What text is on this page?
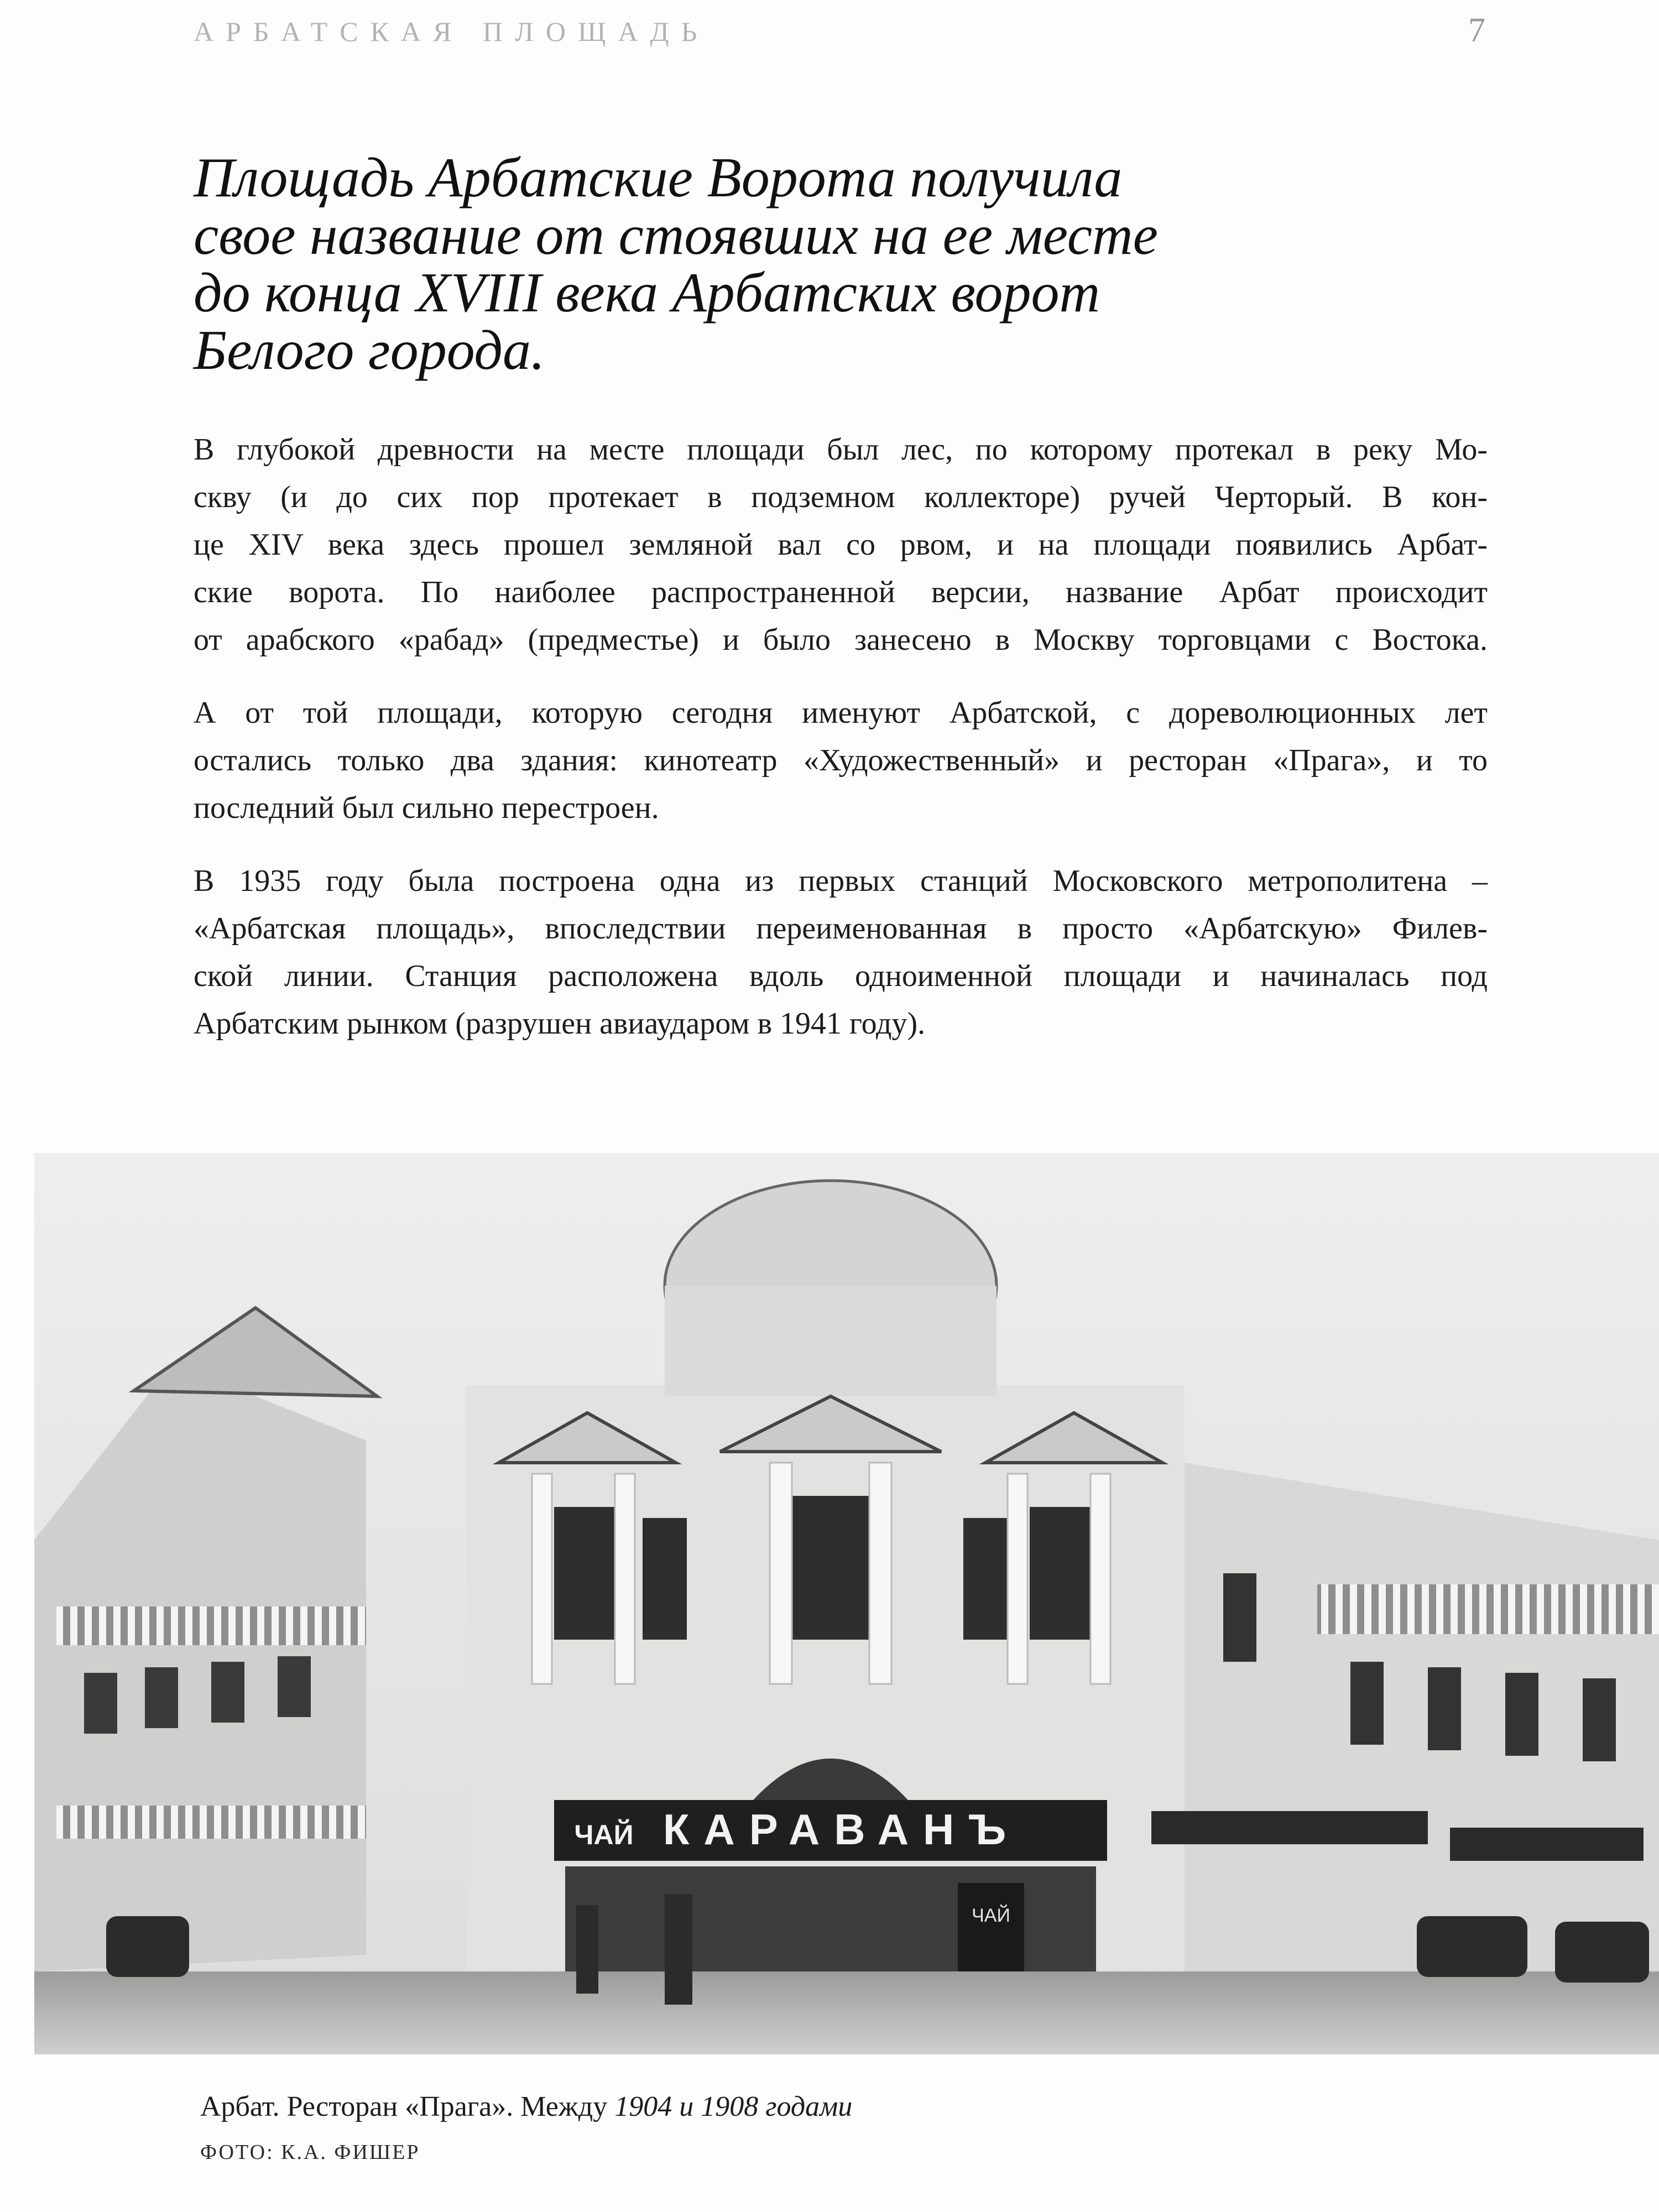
АРБАТСКАЯ ПЛОЩАДЬ	7
Площадь Арбатские Ворота получила
свое название от стоявших на ее месте
до конца XVIII века Арбатских ворот
Белого города.

В глубокой древности на месте площади был лес, по которому протекал в реку Мо-
скву (и до сих пор протекает в подземном коллекторе) ручей Черторый. В кон-
це XIV века здесь прошел земляной вал со рвом, и на площади появились Арбат-
ские ворота. По наиболее распространенной версии, название Арбат происходит
от арабского «рабад» (предместье) и было занесено в Москву торговцами с Востока.

А от той площади, которую сегодня именуют Арбатской, с дореволюционных лет
остались только два здания: кинотеатр «Художественный» и ресторан «Прага», и то
последний был сильно перестроен.

В 1935 году была построена одна из первых станций Московского метрополитена –
«Арбатская площадь», впоследствии переименованная в просто «Арбатскую» Филев-
ской линии. Станция расположена вдоль одноименной площади и начиналась под
Арбатским рынком (разрушен авиаударом в 1941 году).

КАРАВАНЪ
ЧАЙ
ЧАЙ
Арбат. Ресторан «Прага». Между 1904 и 1908 годами
ФОТО: К.А. ФИШЕР
